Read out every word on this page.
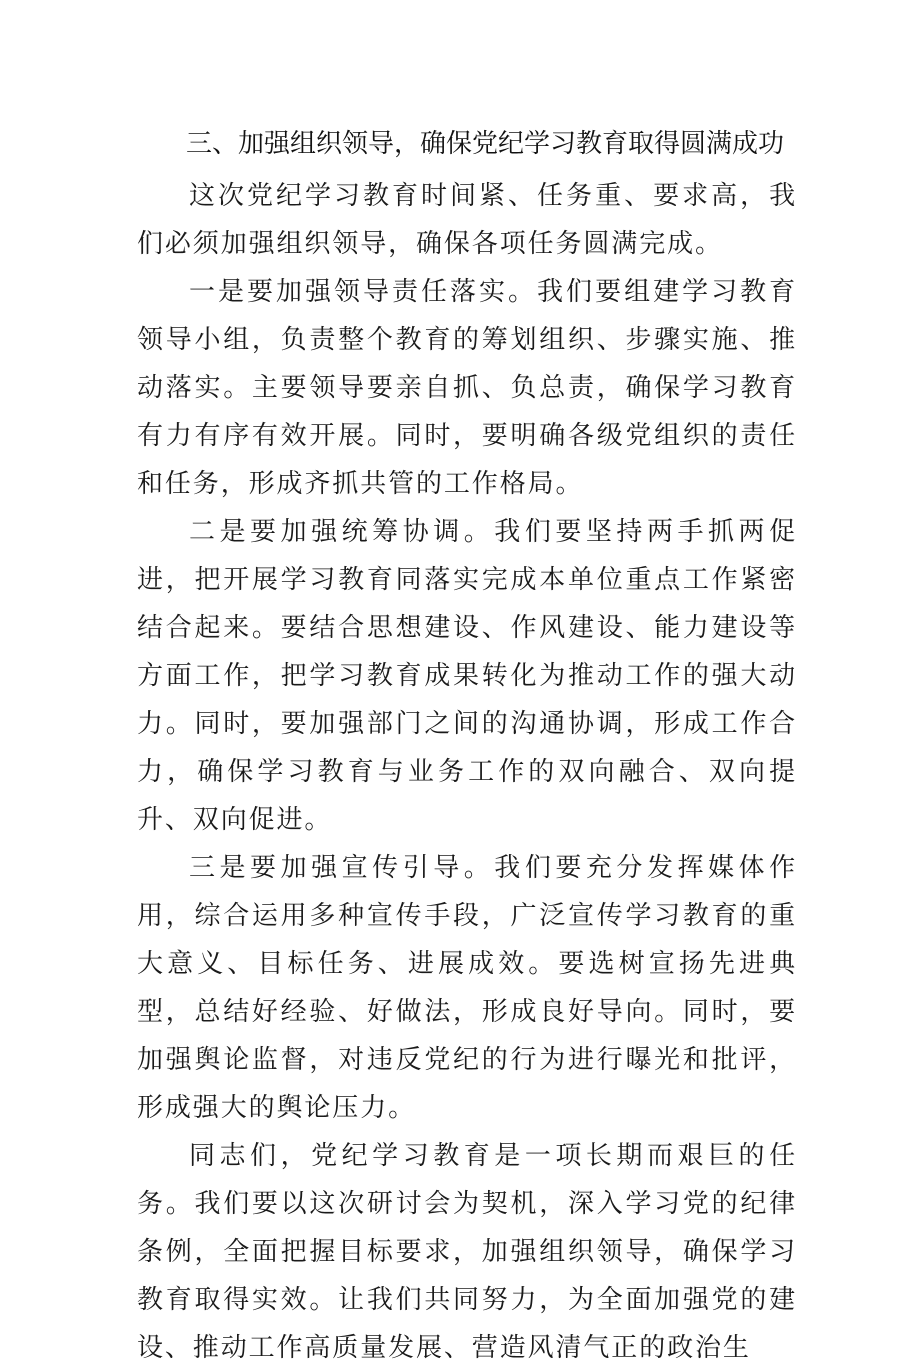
三、加强组织领导，确保党纪学习教育取得圆满成功

这次党纪学习教育时间紧、任务重、要求高，我们必须加强组织领导，确保各项任务圆满完成。

一是要加强领导责任落实。我们要组建学习教育领导小组，负责整个教育的筹划组织、步骤实施、推动落实。主要领导要亲自抓、负总责，确保学习教育有力有序有效开展。同时，要明确各级党组织的责任和任务，形成齐抓共管的工作格局。

二是要加强统筹协调。我们要坚持两手抓两促进，把开展学习教育同落实完成本单位重点工作紧密结合起来。要结合思想建设、作风建设、能力建设等方面工作，把学习教育成果转化为推动工作的强大动力。同时，要加强部门之间的沟通协调，形成工作合力，确保学习教育与业务工作的双向融合、双向提升、双向促进。

三是要加强宣传引导。我们要充分发挥媒体作用，综合运用多种宣传手段，广泛宣传学习教育的重大意义、目标任务、进展成效。要选树宣扬先进典型，总结好经验、好做法，形成良好导向。同时，要加强舆论监督，对违反党纪的行为进行曝光和批评，形成强大的舆论压力。

同志们，党纪学习教育是一项长期而艰巨的任务。我们要以这次研讨会为契机，深入学习党的纪律条例，全面把握目标要求，加强组织领导，确保学习教育取得实效。让我们共同努力，为全面加强党的建设、推动工作高质量发展、营造风清气正的政治生
